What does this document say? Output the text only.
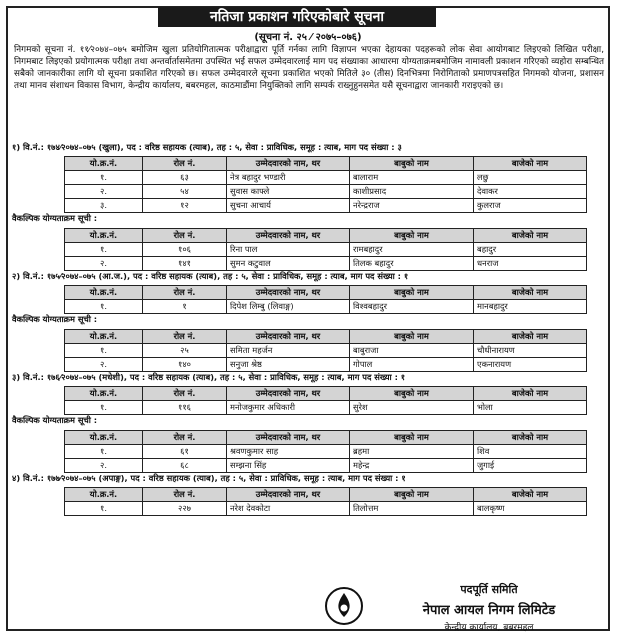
नतिजा प्रकाशन गरिएकोबारे सूचना
(सूचना नं. २५ ⁄ २०७५–०७६)
निगमको सूचना नं. ११⁄२०७४–०७५ बमोजिम खुला प्रतियोगितात्मक परीक्षाद्वारा पूर्ति गर्नका लागि विज्ञापन भएका देहायका पदहरूको लोक सेवा आयोगबाट लिइएको लिखित परीक्षा, निगमबाट लिइएको प्रयोगात्मक परीक्षा तथा अन्तर्वार्तासमेतमा उपस्थित भई सफल उम्मेदवारलाई माग पद संख्याका आधारमा योग्यताक्रमबमोजिम नामावली प्रकाशन गरिएको व्यहोरा सम्बन्धित सबैको जानकारीका लागि यो सूचना प्रकाशित गरिएको छ। सफल उम्मेदवारले सूचना प्रकाशित भएको मितिले ३० (तीस) दिनभित्रमा निरोगिताको प्रमाणपत्रसहित निगमको योजना, प्रशासन तथा मानव संशाधन विकास विभाग, केन्द्रीय कार्यालय, बबरमहल, काठमाडौंमा नियुक्तिको लागि सम्पर्क राख्नुहुनसमेत यसै सूचनाद्वारा जानकारी गराइएको छ।
१) वि.नं.: १७४⁄२०७४–०७५ (खुला), पद : वरिष्ठ सहायक (त्याब), तह : ५, सेवा : प्राविधिक, समूह : त्याब, माग पद संख्या : ३
यो.क्र.नं.	रोल नं.	उम्मेदवारको नाम, थर	बाबुको नाम	बाजेको नाम
१.	६३	नेत्र बहादुर भण्डारी	बालाराम	लछु
२.	५४	सुवास काफ्ले	काशीप्रसाद	देवाकर
३.	१२	सुचना आचार्य	नरेन्द्रराज	कुलराज
वैकल्पिक योग्यताक्रम सूची :
यो.क्र.नं.	रोल नं.	उम्मेदवारको नाम, थर	बाबुको नाम	बाजेको नाम
१.	१०६	रिना पाल	रामबहादुर	बहादुर
२.	१४१	सुमन कटुवाल	तिलक बहादुर	धनराज
२) वि.नं.: १७५⁄२०७४–०७५ (आ.ज.), पद : वरिष्ठ सहायक (त्याब), तह : ५, सेवा : प्राविधिक, समूह : त्याब, माग पद संख्या : १
यो.क्र.नं.	रोल नं.	उम्मेदवारको नाम, थर	बाबुको नाम	बाजेको नाम
१.	१	दिपेश लिम्बु (लिवाङ्ग)	विश्वबहादुर	मानबहादुर
वैकल्पिक योग्यताक्रम सूची :
यो.क्र.नं.	रोल नं.	उम्मेदवारको नाम, थर	बाबुको नाम	बाजेको नाम
१.	२५	समिता महर्जन	बाबुराजा	चौधीनारायण
२.	१४०	सनुजा श्रेष्ठ	गोपाल	एकनारायण
३) वि.नं.: १७६⁄२०७४–०७५ (मधेशी), पद : वरिष्ठ सहायक (त्याब), तह : ५, सेवा : प्राविधिक, समूह : त्याब, माग पद संख्या : १
यो.क्र.नं.	रोल नं.	उम्मेदवारको नाम, थर	बाबुको नाम	बाजेको नाम
१.	११६	मनोजकुमार अधिकारी	सुरेश	भोला
वैकल्पिक योग्यताक्रम सूची :
यो.क्र.नं.	रोल नं.	उम्मेदवारको नाम, थर	बाबुको नाम	बाजेको नाम
१.	६१	श्रवणकुमार साह	ब्रहमा	शिव
२.	६८	सम्झना सिंह	महेन्द्र	जुगाई
४) वि.नं.: १७७⁄२०७४–०७५ (अपाङ्ग), पद : वरिष्ठ सहायक (त्याब), तह : ५, सेवा : प्राविधिक, समूह : त्याब, माग पद संख्या : १
यो.क्र.नं.	रोल नं.	उम्मेदवारको नाम, थर	बाबुको नाम	बाजेको नाम
१.	२२७	नरेश देवकोटा	तिलोत्तम	बालकृष्ण
पदपूर्ति समिति
नेपाल आयल निगम लिमिटेड
केन्द्रीय कार्यालय, बबरमहल
